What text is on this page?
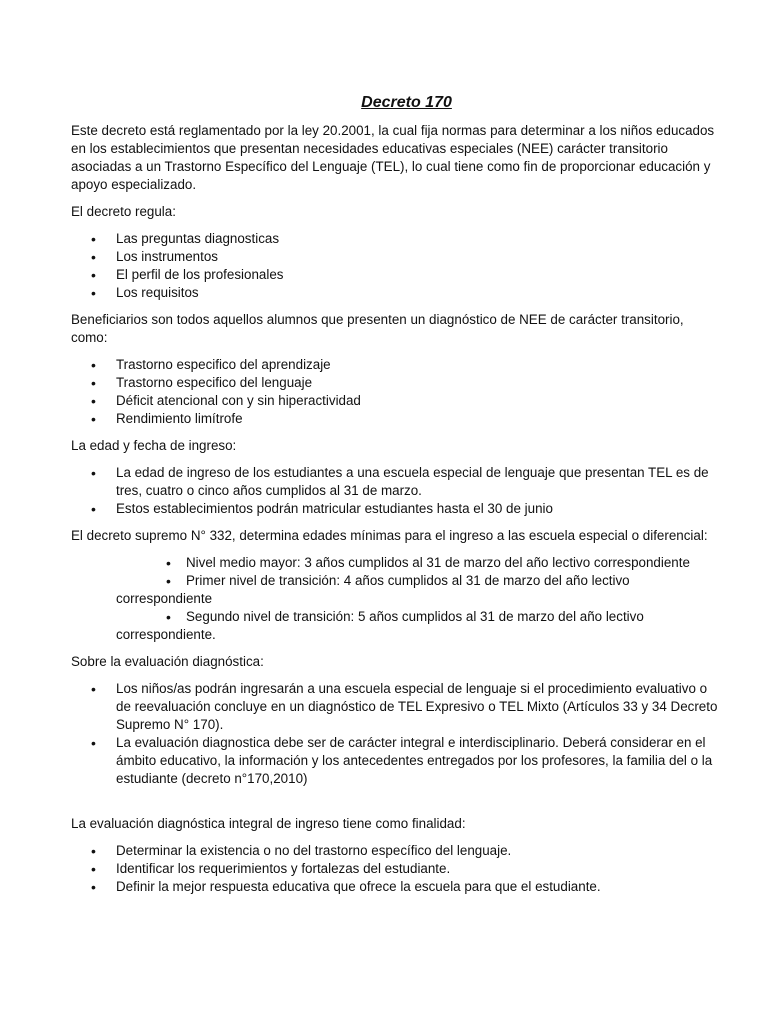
Decreto 170

Este decreto está reglamentado por la ley 20.2001, la cual fija normas para determinar a los niños educados en los establecimientos que presentan necesidades educativas especiales (NEE) carácter transitorio asociadas a un Trastorno Específico del Lenguaje (TEL), lo cual tiene como fin de proporcionar educación y apoyo especializado.

El decreto regula:

• Las preguntas diagnosticas
• Los instrumentos
• El perfil de los profesionales
• Los requisitos

Beneficiarios son todos aquellos alumnos que presenten un diagnóstico de NEE de carácter transitorio, como:

• Trastorno especifico del aprendizaje
• Trastorno especifico del lenguaje
• Déficit atencional con y sin hiperactividad
• Rendimiento limítrofe

La edad y fecha de ingreso:

• La edad de ingreso de los estudiantes a una escuela especial de lenguaje que presentan TEL es de tres, cuatro o cinco años cumplidos al 31 de marzo.
• Estos establecimientos podrán matricular estudiantes hasta el 30 de junio

El decreto supremo N° 332, determina edades mínimas para el ingreso a las escuela especial o diferencial:

• Nivel medio mayor: 3 años cumplidos al 31 de marzo del año lectivo correspondiente
• Primer nivel de transición: 4 años cumplidos al 31 de marzo del año lectivo correspondiente
• Segundo nivel de transición: 5 años cumplidos al 31 de marzo del año lectivo correspondiente.

Sobre la evaluación diagnóstica:

• Los niños/as podrán ingresarán a una escuela especial de lenguaje si el procedimiento evaluativo o de reevaluación concluye en un diagnóstico de TEL Expresivo o TEL Mixto (Artículos 33 y 34 Decreto Supremo N° 170).
• La evaluación diagnostica debe ser de carácter integral e interdisciplinario. Deberá considerar en el ámbito educativo, la información y los antecedentes entregados por los profesores, la familia del o la estudiante (decreto n°170,2010)

La evaluación diagnóstica integral de ingreso tiene como finalidad:

• Determinar la existencia o no del trastorno específico del lenguaje.
• Identificar los requerimientos y fortalezas del estudiante.
• Definir la mejor respuesta educativa que ofrece la escuela para que el estudiante.
